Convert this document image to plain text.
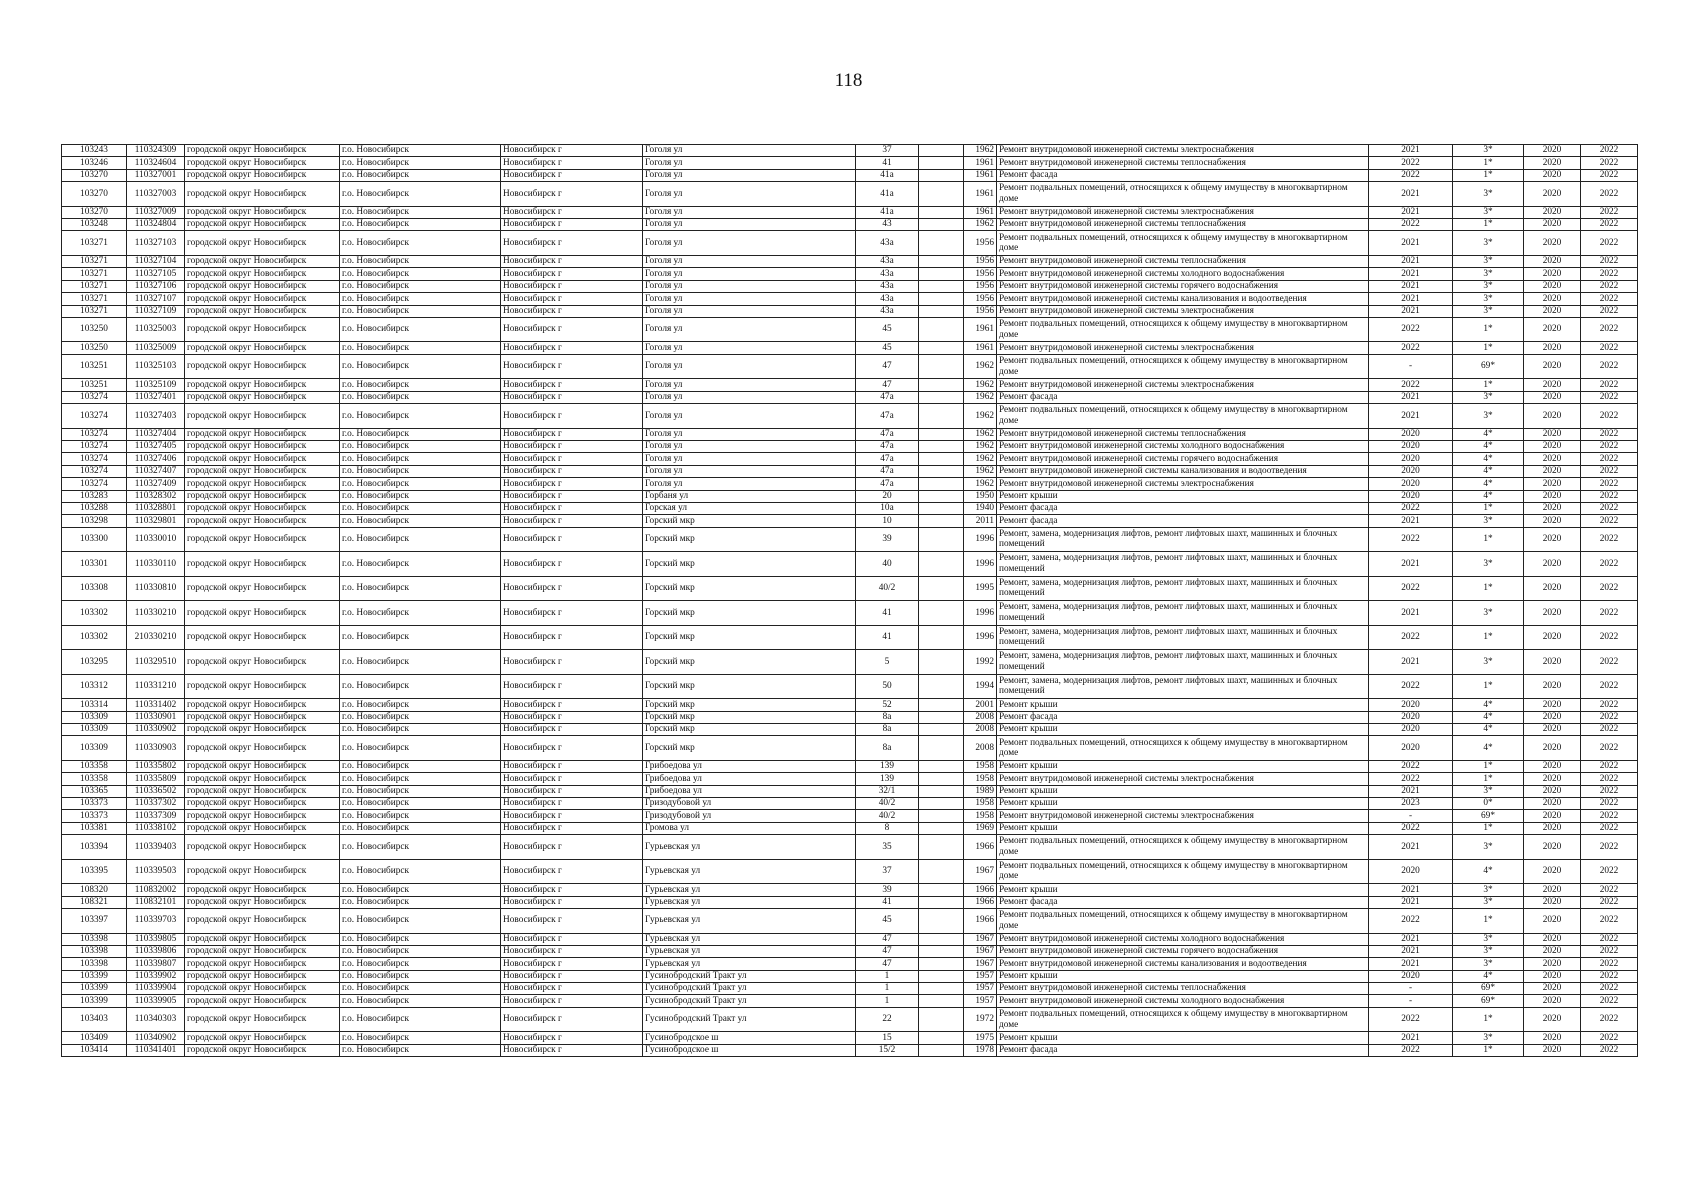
118
103243	110324309	городской округ Новосибирск	г.о. Новосибирск	Новосибирск г	Гоголя ул	37		1962	Ремонт внутридомовой инженерной системы электроснабжения	2021	3*	2020	2022
103246	110324604	городской округ Новосибирск	г.о. Новосибирск	Новосибирск г	Гоголя ул	41		1961	Ремонт внутридомовой инженерной системы теплоснабжения	2022	1*	2020	2022
103270	110327001	городской округ Новосибирск	г.о. Новосибирск	Новосибирск г	Гоголя ул	41а		1961	Ремонт фасада	2022	1*	2020	2022
103270	110327003	городской округ Новосибирск	г.о. Новосибирск	Новосибирск г	Гоголя ул	41а		1961	Ремонт подвальных помещений, относящихся к общему имуществу в многоквартирном доме	2021	3*	2020	2022
103270	110327009	городской округ Новосибирск	г.о. Новосибирск	Новосибирск г	Гоголя ул	41а		1961	Ремонт внутридомовой инженерной системы электроснабжения	2021	3*	2020	2022
103248	110324804	городской округ Новосибирск	г.о. Новосибирск	Новосибирск г	Гоголя ул	43		1962	Ремонт внутридомовой инженерной системы теплоснабжения	2022	1*	2020	2022
103271	110327103	городской округ Новосибирск	г.о. Новосибирск	Новосибирск г	Гоголя ул	43а		1956	Ремонт подвальных помещений, относящихся к общему имуществу в многоквартирном доме	2021	3*	2020	2022
103271	110327104	городской округ Новосибирск	г.о. Новосибирск	Новосибирск г	Гоголя ул	43а		1956	Ремонт внутридомовой инженерной системы теплоснабжения	2021	3*	2020	2022
103271	110327105	городской округ Новосибирск	г.о. Новосибирск	Новосибирск г	Гоголя ул	43а		1956	Ремонт внутридомовой инженерной системы холодного водоснабжения	2021	3*	2020	2022
103271	110327106	городской округ Новосибирск	г.о. Новосибирск	Новосибирск г	Гоголя ул	43а		1956	Ремонт внутридомовой инженерной системы горячего водоснабжения	2021	3*	2020	2022
103271	110327107	городской округ Новосибирск	г.о. Новосибирск	Новосибирск г	Гоголя ул	43а		1956	Ремонт внутридомовой инженерной системы канализования и водоотведения	2021	3*	2020	2022
103271	110327109	городской округ Новосибирск	г.о. Новосибирск	Новосибирск г	Гоголя ул	43а		1956	Ремонт внутридомовой инженерной системы электроснабжения	2021	3*	2020	2022
103250	110325003	городской округ Новосибирск	г.о. Новосибирск	Новосибирск г	Гоголя ул	45		1961	Ремонт подвальных помещений, относящихся к общему имуществу в многоквартирном доме	2022	1*	2020	2022
103250	110325009	городской округ Новосибирск	г.о. Новосибирск	Новосибирск г	Гоголя ул	45		1961	Ремонт внутридомовой инженерной системы электроснабжения	2022	1*	2020	2022
103251	110325103	городской округ Новосибирск	г.о. Новосибирск	Новосибирск г	Гоголя ул	47		1962	Ремонт подвальных помещений, относящихся к общему имуществу в многоквартирном доме	-	69*	2020	2022
103251	110325109	городской округ Новосибирск	г.о. Новосибирск	Новосибирск г	Гоголя ул	47		1962	Ремонт внутридомовой инженерной системы электроснабжения	2022	1*	2020	2022
103274	110327401	городской округ Новосибирск	г.о. Новосибирск	Новосибирск г	Гоголя ул	47а		1962	Ремонт фасада	2021	3*	2020	2022
103274	110327403	городской округ Новосибирск	г.о. Новосибирск	Новосибирск г	Гоголя ул	47а		1962	Ремонт подвальных помещений, относящихся к общему имуществу в многоквартирном доме	2021	3*	2020	2022
103274	110327404	городской округ Новосибирск	г.о. Новосибирск	Новосибирск г	Гоголя ул	47а		1962	Ремонт внутридомовой инженерной системы теплоснабжения	2020	4*	2020	2022
103274	110327405	городской округ Новосибирск	г.о. Новосибирск	Новосибирск г	Гоголя ул	47а		1962	Ремонт внутридомовой инженерной системы холодного водоснабжения	2020	4*	2020	2022
103274	110327406	городской округ Новосибирск	г.о. Новосибирск	Новосибирск г	Гоголя ул	47а		1962	Ремонт внутридомовой инженерной системы горячего водоснабжения	2020	4*	2020	2022
103274	110327407	городской округ Новосибирск	г.о. Новосибирск	Новосибирск г	Гоголя ул	47а		1962	Ремонт внутридомовой инженерной системы канализования и водоотведения	2020	4*	2020	2022
103274	110327409	городской округ Новосибирск	г.о. Новосибирск	Новосибирск г	Гоголя ул	47а		1962	Ремонт внутридомовой инженерной системы электроснабжения	2020	4*	2020	2022
103283	110328302	городской округ Новосибирск	г.о. Новосибирск	Новосибирск г	Горбаня ул	20		1950	Ремонт крыши	2020	4*	2020	2022
103288	110328801	городской округ Новосибирск	г.о. Новосибирск	Новосибирск г	Горская ул	10а		1940	Ремонт фасада	2022	1*	2020	2022
103298	110329801	городской округ Новосибирск	г.о. Новосибирск	Новосибирск г	Горский мкр	10		2011	Ремонт фасада	2021	3*	2020	2022
103300	110330010	городской округ Новосибирск	г.о. Новосибирск	Новосибирск г	Горский мкр	39		1996	Ремонт, замена, модернизация лифтов, ремонт лифтовых шахт, машинных и блочных помещений	2022	1*	2020	2022
103301	110330110	городской округ Новосибирск	г.о. Новосибирск	Новосибирск г	Горский мкр	40		1996	Ремонт, замена, модернизация лифтов, ремонт лифтовых шахт, машинных и блочных помещений	2021	3*	2020	2022
103308	110330810	городской округ Новосибирск	г.о. Новосибирск	Новосибирск г	Горский мкр	40/2		1995	Ремонт, замена, модернизация лифтов, ремонт лифтовых шахт, машинных и блочных помещений	2022	1*	2020	2022
103302	110330210	городской округ Новосибирск	г.о. Новосибирск	Новосибирск г	Горский мкр	41		1996	Ремонт, замена, модернизация лифтов, ремонт лифтовых шахт, машинных и блочных помещений	2021	3*	2020	2022
103302	210330210	городской округ Новосибирск	г.о. Новосибирск	Новосибирск г	Горский мкр	41		1996	Ремонт, замена, модернизация лифтов, ремонт лифтовых шахт, машинных и блочных помещений	2022	1*	2020	2022
103295	110329510	городской округ Новосибирск	г.о. Новосибирск	Новосибирск г	Горский мкр	5		1992	Ремонт, замена, модернизация лифтов, ремонт лифтовых шахт, машинных и блочных помещений	2021	3*	2020	2022
103312	110331210	городской округ Новосибирск	г.о. Новосибирск	Новосибирск г	Горский мкр	50		1994	Ремонт, замена, модернизация лифтов, ремонт лифтовых шахт, машинных и блочных помещений	2022	1*	2020	2022
103314	110331402	городской округ Новосибирск	г.о. Новосибирск	Новосибирск г	Горский мкр	52		2001	Ремонт крыши	2020	4*	2020	2022
103309	110330901	городской округ Новосибирск	г.о. Новосибирск	Новосибирск г	Горский мкр	8а		2008	Ремонт фасада	2020	4*	2020	2022
103309	110330902	городской округ Новосибирск	г.о. Новосибирск	Новосибирск г	Горский мкр	8а		2008	Ремонт крыши	2020	4*	2020	2022
103309	110330903	городской округ Новосибирск	г.о. Новосибирск	Новосибирск г	Горский мкр	8а		2008	Ремонт подвальных помещений, относящихся к общему имуществу в многоквартирном доме	2020	4*	2020	2022
103358	110335802	городской округ Новосибирск	г.о. Новосибирск	Новосибирск г	Грибоедова ул	139		1958	Ремонт крыши	2022	1*	2020	2022
103358	110335809	городской округ Новосибирск	г.о. Новосибирск	Новосибирск г	Грибоедова ул	139		1958	Ремонт внутридомовой инженерной системы электроснабжения	2022	1*	2020	2022
103365	110336502	городской округ Новосибирск	г.о. Новосибирск	Новосибирск г	Грибоедова ул	32/1		1989	Ремонт крыши	2021	3*	2020	2022
103373	110337302	городской округ Новосибирск	г.о. Новосибирск	Новосибирск г	Гризодубовой ул	40/2		1958	Ремонт крыши	2023	0*	2020	2022
103373	110337309	городской округ Новосибирск	г.о. Новосибирск	Новосибирск г	Гризодубовой ул	40/2		1958	Ремонт внутридомовой инженерной системы электроснабжения	-	69*	2020	2022
103381	110338102	городской округ Новосибирск	г.о. Новосибирск	Новосибирск г	Громова ул	8		1969	Ремонт крыши	2022	1*	2020	2022
103394	110339403	городской округ Новосибирск	г.о. Новосибирск	Новосибирск г	Гурьевская ул	35		1966	Ремонт подвальных помещений, относящихся к общему имуществу в многоквартирном доме	2021	3*	2020	2022
103395	110339503	городской округ Новосибирск	г.о. Новосибирск	Новосибирск г	Гурьевская ул	37		1967	Ремонт подвальных помещений, относящихся к общему имуществу в многоквартирном доме	2020	4*	2020	2022
108320	110832002	городской округ Новосибирск	г.о. Новосибирск	Новосибирск г	Гурьевская ул	39		1966	Ремонт крыши	2021	3*	2020	2022
108321	110832101	городской округ Новосибирск	г.о. Новосибирск	Новосибирск г	Гурьевская ул	41		1966	Ремонт фасада	2021	3*	2020	2022
103397	110339703	городской округ Новосибирск	г.о. Новосибирск	Новосибирск г	Гурьевская ул	45		1966	Ремонт подвальных помещений, относящихся к общему имуществу в многоквартирном доме	2022	1*	2020	2022
103398	110339805	городской округ Новосибирск	г.о. Новосибирск	Новосибирск г	Гурьевская ул	47		1967	Ремонт внутридомовой инженерной системы холодного водоснабжения	2021	3*	2020	2022
103398	110339806	городской округ Новосибирск	г.о. Новосибирск	Новосибирск г	Гурьевская ул	47		1967	Ремонт внутридомовой инженерной системы горячего водоснабжения	2021	3*	2020	2022
103398	110339807	городской округ Новосибирск	г.о. Новосибирск	Новосибирск г	Гурьевская ул	47		1967	Ремонт внутридомовой инженерной системы канализования и водоотведения	2021	3*	2020	2022
103399	110339902	городской округ Новосибирск	г.о. Новосибирск	Новосибирск г	Гусинобродский Тракт ул	1		1957	Ремонт крыши	2020	4*	2020	2022
103399	110339904	городской округ Новосибирск	г.о. Новосибирск	Новосибирск г	Гусинобродский Тракт ул	1		1957	Ремонт внутридомовой инженерной системы теплоснабжения	-	69*	2020	2022
103399	110339905	городской округ Новосибирск	г.о. Новосибирск	Новосибирск г	Гусинобродский Тракт ул	1		1957	Ремонт внутридомовой инженерной системы холодного водоснабжения	-	69*	2020	2022
103403	110340303	городской округ Новосибирск	г.о. Новосибирск	Новосибирск г	Гусинобродский Тракт ул	22		1972	Ремонт подвальных помещений, относящихся к общему имуществу в многоквартирном доме	2022	1*	2020	2022
103409	110340902	городской округ Новосибирск	г.о. Новосибирск	Новосибирск г	Гусинобродское ш	15		1975	Ремонт крыши	2021	3*	2020	2022
103414	110341401	городской округ Новосибирск	г.о. Новосибирск	Новосибирск г	Гусинобродское ш	15/2		1978	Ремонт фасада	2022	1*	2020	2022
